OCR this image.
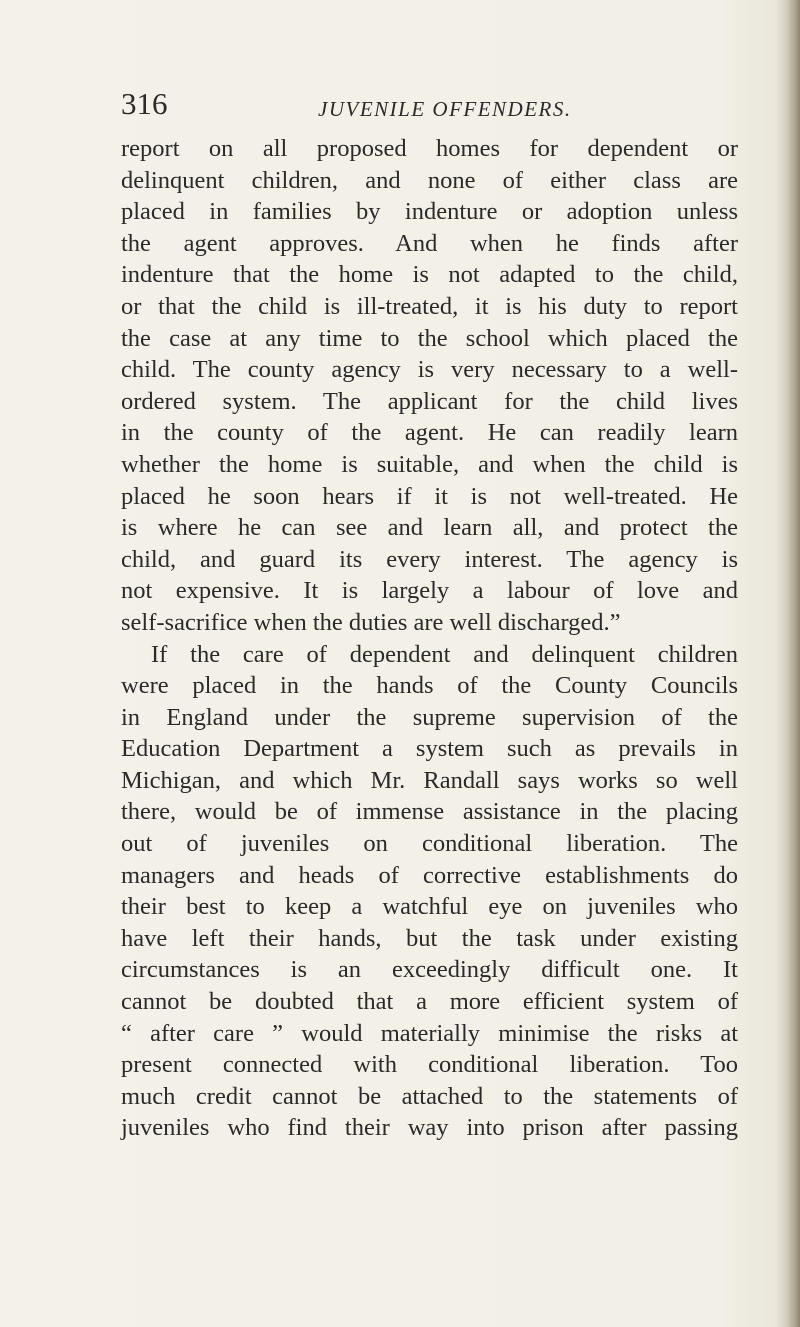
316	JUVENILE OFFENDERS.
report on all proposed homes for dependent or
delinquent children, and none of either class are
placed in families by indenture or adoption unless
the agent approves. And when he finds after
indenture that the home is not adapted to the child,
or that the child is ill-treated, it is his duty to report
the case at any time to the school which placed the
child. The county agency is very necessary to a well-
ordered system. The applicant for the child lives
in the county of the agent. He can readily learn
whether the home is suitable, and when the child is
placed he soon hears if it is not well-treated. He
is where he can see and learn all, and protect the
child, and guard its every interest. The agency is
not expensive. It is largely a labour of love and
self-sacrifice when the duties are well discharged.”
If the care of dependent and delinquent children
were placed in the hands of the County Councils
in England under the supreme supervision of the
Education Department a system such as prevails in
Michigan, and which Mr. Randall says works so well
there, would be of immense assistance in the placing
out of juveniles on conditional liberation. The
managers and heads of corrective establishments do
their best to keep a watchful eye on juveniles who
have left their hands, but the task under existing
circumstances is an exceedingly difficult one. It
cannot be doubted that a more efficient system of
“ after care ” would materially minimise the risks at
present connected with conditional liberation. Too
much credit cannot be attached to the statements of
juveniles who find their way into prison after passing
